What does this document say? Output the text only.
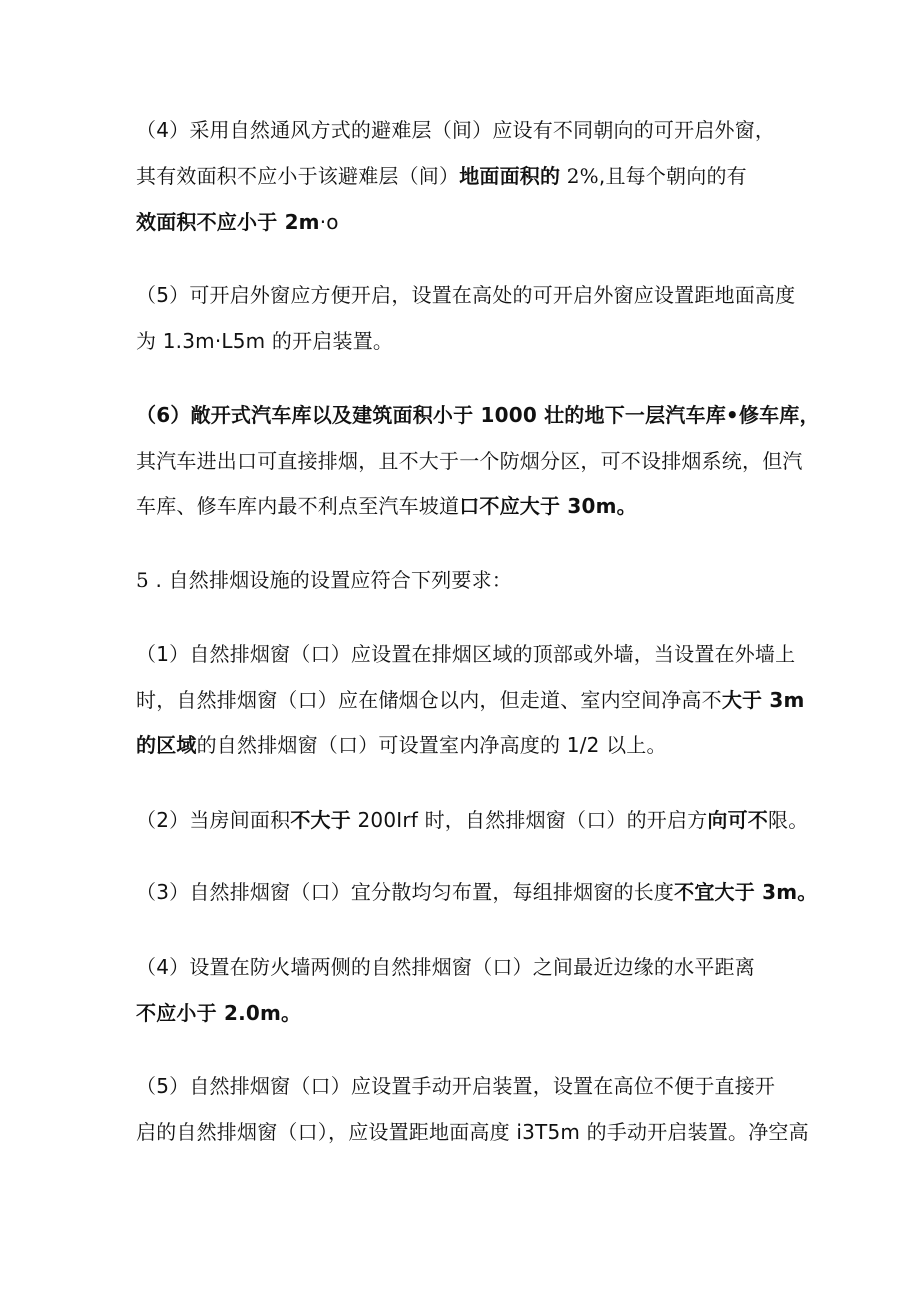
（4）采用自然通风方式的避难层（间）应设有不同朝向的可开启外窗，
其有效面积不应小于该避难层（间）地面面积的 2%,且每个朝向的有
效面积不应小于 2m·o
（5）可开启外窗应方便开启，设置在高处的可开启外窗应设置距地面高度
为 1.3m·L5m 的开启装置。
（6）敞开式汽车库以及建筑面积小于 1000 壮的地下一层汽车库•修车库，
其汽车进出口可直接排烟，且不大于一个防烟分区，可不设排烟系统，但汽
车库、修车库内最不利点至汽车坡道口不应大于 30m。
5 . 自然排烟设施的设置应符合下列要求：
（1）自然排烟窗（口）应设置在排烟区域的顶部或外墙，当设置在外墙上
时，自然排烟窗（口）应在储烟仓以内，但走道、室内空间净高不大于 3m
的区域的自然排烟窗（口）可设置室内净高度的 1/2 以上。
（2）当房间面积不大于 200Irf 时，自然排烟窗（口）的开启方向可不限。
（3）自然排烟窗（口）宜分散均匀布置，每组排烟窗的长度不宜大于 3m。
（4）设置在防火墙两侧的自然排烟窗（口）之间最近边缘的水平距离
不应小于 2.0m。
（5）自然排烟窗（口）应设置手动开启装置，设置在高位不便于直接开
启的自然排烟窗（口），应设置距地面高度 i3T5m 的手动开启装置。净空高
